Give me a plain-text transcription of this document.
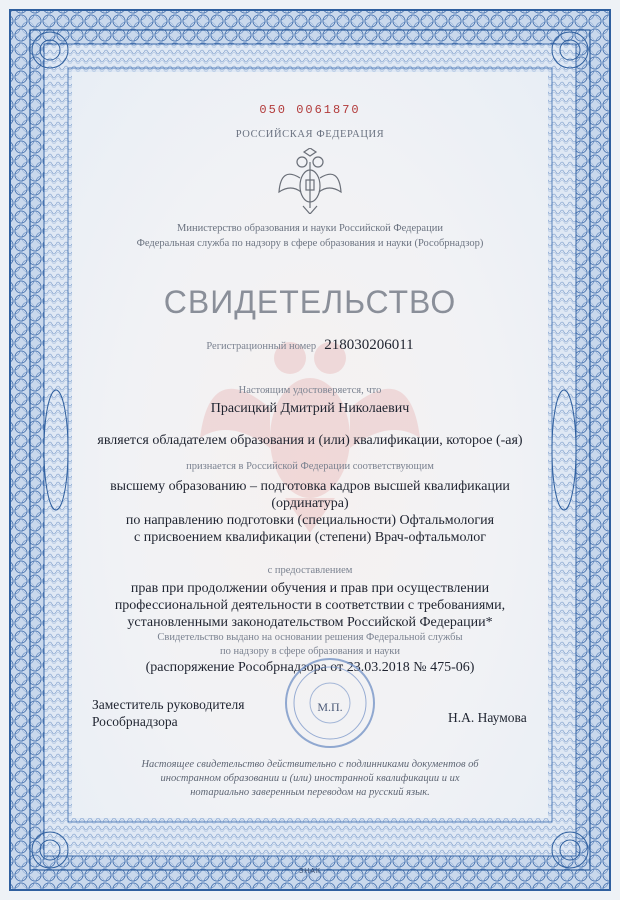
050 0061870

РОССИЙСКАЯ ФЕДЕРАЦИЯ

Министерство образования и науки Российской Федерации
Федеральная служба по надзору в сфере образования и науки (Рособрнадзор)

СВИДЕТЕЛЬСТВО

Регистрационный номер 218030206011

Настоящим удостоверяется, что

Прасицкий Дмитрий Николаевич

является обладателем образования и (или) квалификации, которое (-ая)

признается в Российской Федерации соответствующим

высшему образованию – подготовка кадров высшей квалификации
(ординатура)
по направлению подготовки (специальности) Офтальмология
с присвоением квалификации (степени) Врач-офтальмолог

с предоставлением

прав при продолжении обучения и прав при осуществлении
профессиональной деятельности в соответствии с требованиями,
установленными законодательством Российской Федерации*

Свидетельство выдано на основании решения Федеральной службы

по надзору в сфере образования и науки

(распоряжение Рособрнадзора от 23.03.2018 № 475-06)

М.П.
Заместитель руководителя
Рособрнадзора	Н.А. Наумова
Настоящее свидетельство действительно с подлинниками документов об
иностранном образовании и (или) иностранной квалификации и их
нотариально заверенным переводом на русский язык.

ЗНАК
